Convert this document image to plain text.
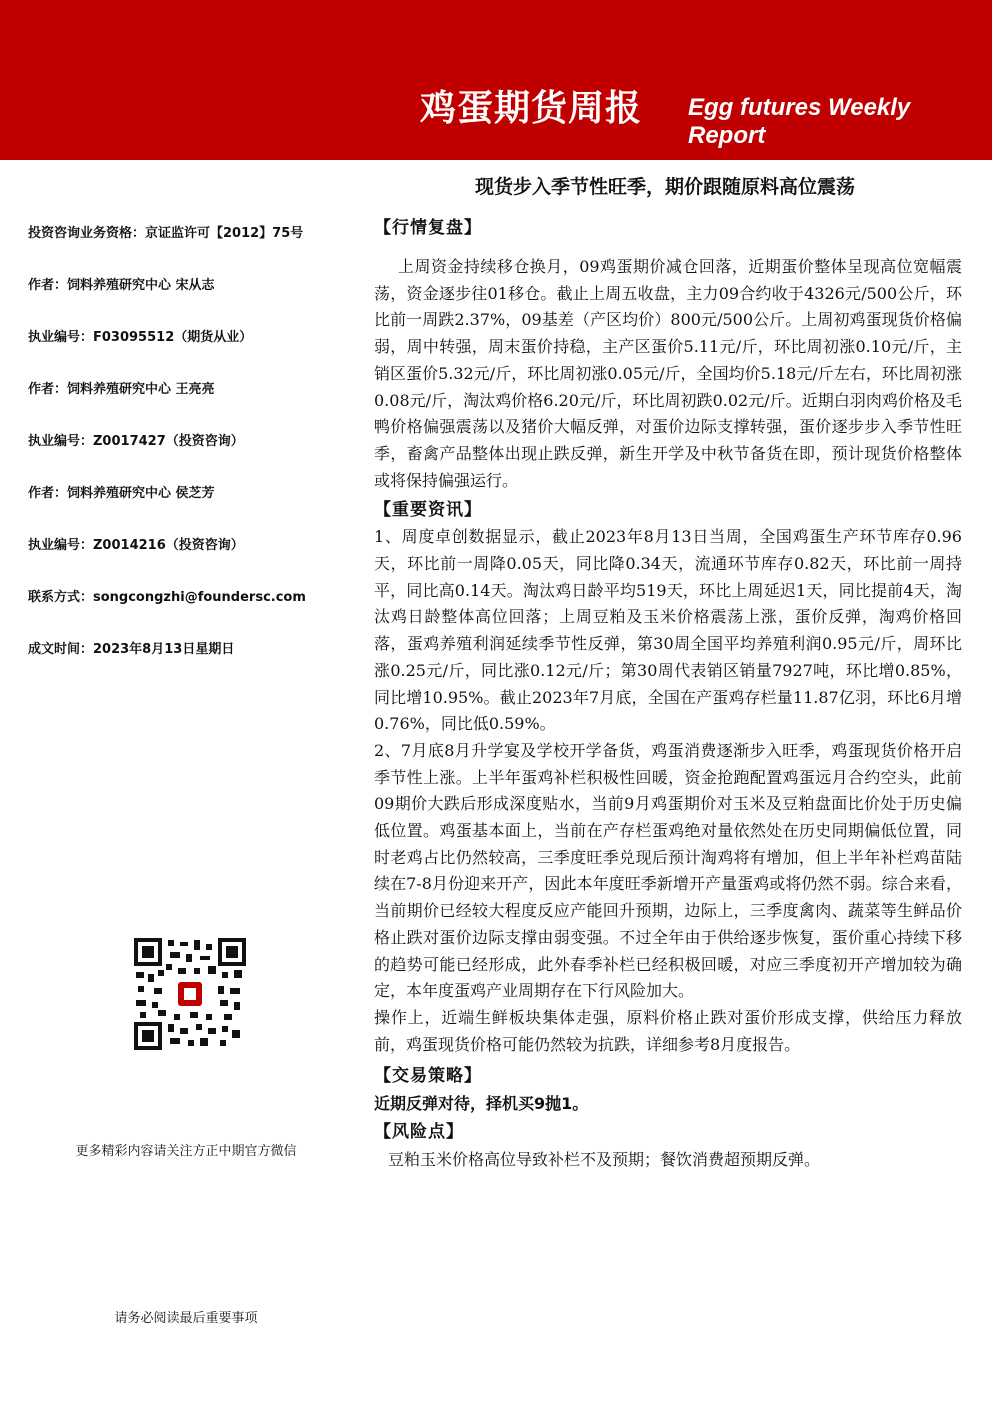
鸡蛋期货周报 Egg futures Weekly Report
现货步入季节性旺季，期价跟随原料高位震荡
投资咨询业务资格：京证监许可【2012】75号
作者：饲料养殖研究中心 宋从志
执业编号：F03095512（期货从业）
作者：饲料养殖研究中心 王亮亮
执业编号：Z0017427（投资咨询）
作者：饲料养殖研究中心 侯芝芳
执业编号：Z0014216（投资咨询）
联系方式：songcongzhi@foundersc.com
成文时间：2023年8月13日星期日
更多精彩内容请关注方正中期官方微信
请务必阅读最后重要事项
【行情复盘】

上周资金持续移仓换月，09鸡蛋期价减仓回落，近期蛋价整体呈现高位宽幅震荡，资金逐步往01移仓。截止上周五收盘，主力09合约收于4326元/500公斤，环比前一周跌2.37%，09基差（产区均价）800元/500公斤。上周初鸡蛋现货价格偏弱，周中转强，周末蛋价持稳，主产区蛋价5.11元/斤，环比周初涨0.10元/斤，主销区蛋价5.32元/斤，环比周初涨0.05元/斤，全国均价5.18元/斤左右，环比周初涨0.08元/斤，淘汰鸡价格6.20元/斤，环比周初跌0.02元/斤。近期白羽肉鸡价格及毛鸭价格偏强震荡以及猪价大幅反弹，对蛋价边际支撑转强，蛋价逐步步入季节性旺季，畜禽产品整体出现止跌反弹，新生开学及中秋节备货在即，预计现货价格整体或将保持偏强运行。

【重要资讯】

1、周度卓创数据显示，截止2023年8月13日当周，全国鸡蛋生产环节库存0.96天，环比前一周降0.05天，同比降0.34天，流通环节库存0.82天，环比前一周持平，同比高0.14天。淘汰鸡日龄平均519天，环比上周延迟1天，同比提前4天，淘汰鸡日龄整体高位回落；上周豆粕及玉米价格震荡上涨，蛋价反弹，淘鸡价格回落，蛋鸡养殖利润延续季节性反弹，第30周全国平均养殖利润0.95元/斤，周环比涨0.25元/斤，同比涨0.12元/斤；第30周代表销区销量7927吨，环比增0.85%，同比增10.95%。截止2023年7月底，全国在产蛋鸡存栏量11.87亿羽，环比6月增0.76%，同比低0.59%。

2、7月底8月升学宴及学校开学备货，鸡蛋消费逐渐步入旺季，鸡蛋现货价格开启季节性上涨。上半年蛋鸡补栏积极性回暖，资金抢跑配置鸡蛋远月合约空头，此前09期价大跌后形成深度贴水，当前9月鸡蛋期价对玉米及豆粕盘面比价处于历史偏低位置。鸡蛋基本面上，当前在产存栏蛋鸡绝对量依然处在历史同期偏低位置，同时老鸡占比仍然较高，三季度旺季兑现后预计淘鸡将有增加，但上半年补栏鸡苗陆续在7-8月份迎来开产，因此本年度旺季新增开产量蛋鸡或将仍然不弱。综合来看，当前期价已经较大程度反应产能回升预期，边际上，三季度禽肉、蔬菜等生鲜品价格止跌对蛋价边际支撑由弱变强。不过全年由于供给逐步恢复，蛋价重心持续下移的趋势可能已经形成，此外春季补栏已经积极回暖，对应三季度初开产增加较为确定，本年度蛋鸡产业周期存在下行风险加大。

操作上，近端生鲜板块集体走强，原料价格止跌对蛋价形成支撑，供给压力释放前，鸡蛋现货价格可能仍然较为抗跌，详细参考8月度报告。

【交易策略】
近期反弹对待，择机买9抛1。
【风险点】
豆粕玉米价格高位导致补栏不及预期；餐饮消费超预期反弹。
